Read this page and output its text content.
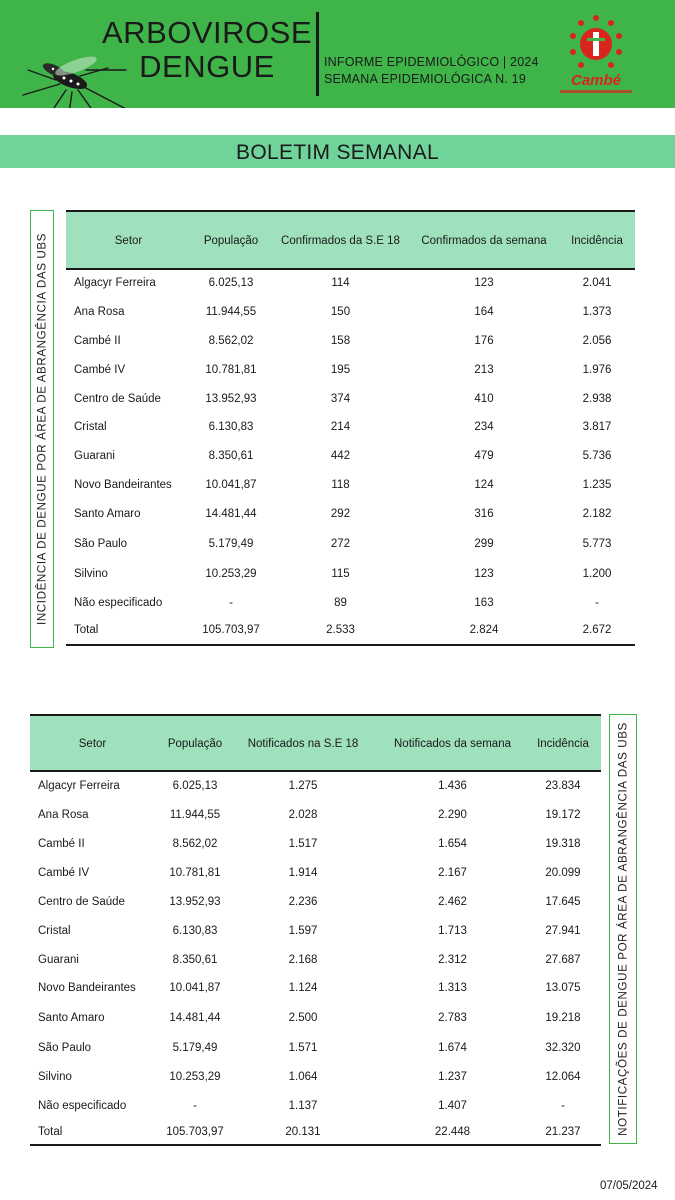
ARBOVIROSE
DENGUE	INFORME EPIDEMIOLÓGICO | 2024
SEMANA EPIDEMIOLÓGICA N. 19	Cambé
BOLETIM SEMANAL
INCIDÊNCIA DE DENGUE POR ÁREA DE ABRANGÊNCIA DAS UBS
NOTIFICAÇÕES DE DENGUE POR ÁREA DE ABRANGÊNCIA DAS UBS
Setor	População	Confirmados da S.E 18	Confirmados da semana	Incidência
Algacyr Ferreira	6.025,13	114	123	2.041
Ana Rosa	11.944,55	150	164	1.373
Cambé II	8.562,02	158	176	2.056
Cambé IV	10.781,81	195	213	1.976
Centro de Saúde	13.952,93	374	410	2.938
Cristal	6.130,83	214	234	3.817
Guarani	8.350,61	442	479	5.736
Novo Bandeirantes	10.041,87	118	124	1.235
Santo Amaro	14.481,44	292	316	2.182
São Paulo	5.179,49	272	299	5.773
Silvino	10.253,29	115	123	1.200
Não especificado	-	89	163	-
Total	105.703,97	2.533	2.824	2.672
Setor	População	Notificados na S.E 18	Notificados da semana	Incidência
Algacyr Ferreira	6.025,13	1.275	1.436	23.834
Ana Rosa	11.944,55	2.028	2.290	19.172
Cambé II	8.562,02	1.517	1.654	19.318
Cambé IV	10.781,81	1.914	2.167	20.099
Centro de Saúde	13.952,93	2.236	2.462	17.645
Cristal	6.130,83	1.597	1.713	27.941
Guarani	8.350,61	2.168	2.312	27.687
Novo Bandeirantes	10.041,87	1.124	1.313	13.075
Santo Amaro	14.481,44	2.500	2.783	19.218
São Paulo	5.179,49	1.571	1.674	32.320
Silvino	10.253,29	1.064	1.237	12.064
Não especificado	-	1.137	1.407	-
Total	105.703,97	20.131	22.448	21.237
07/05/2024
